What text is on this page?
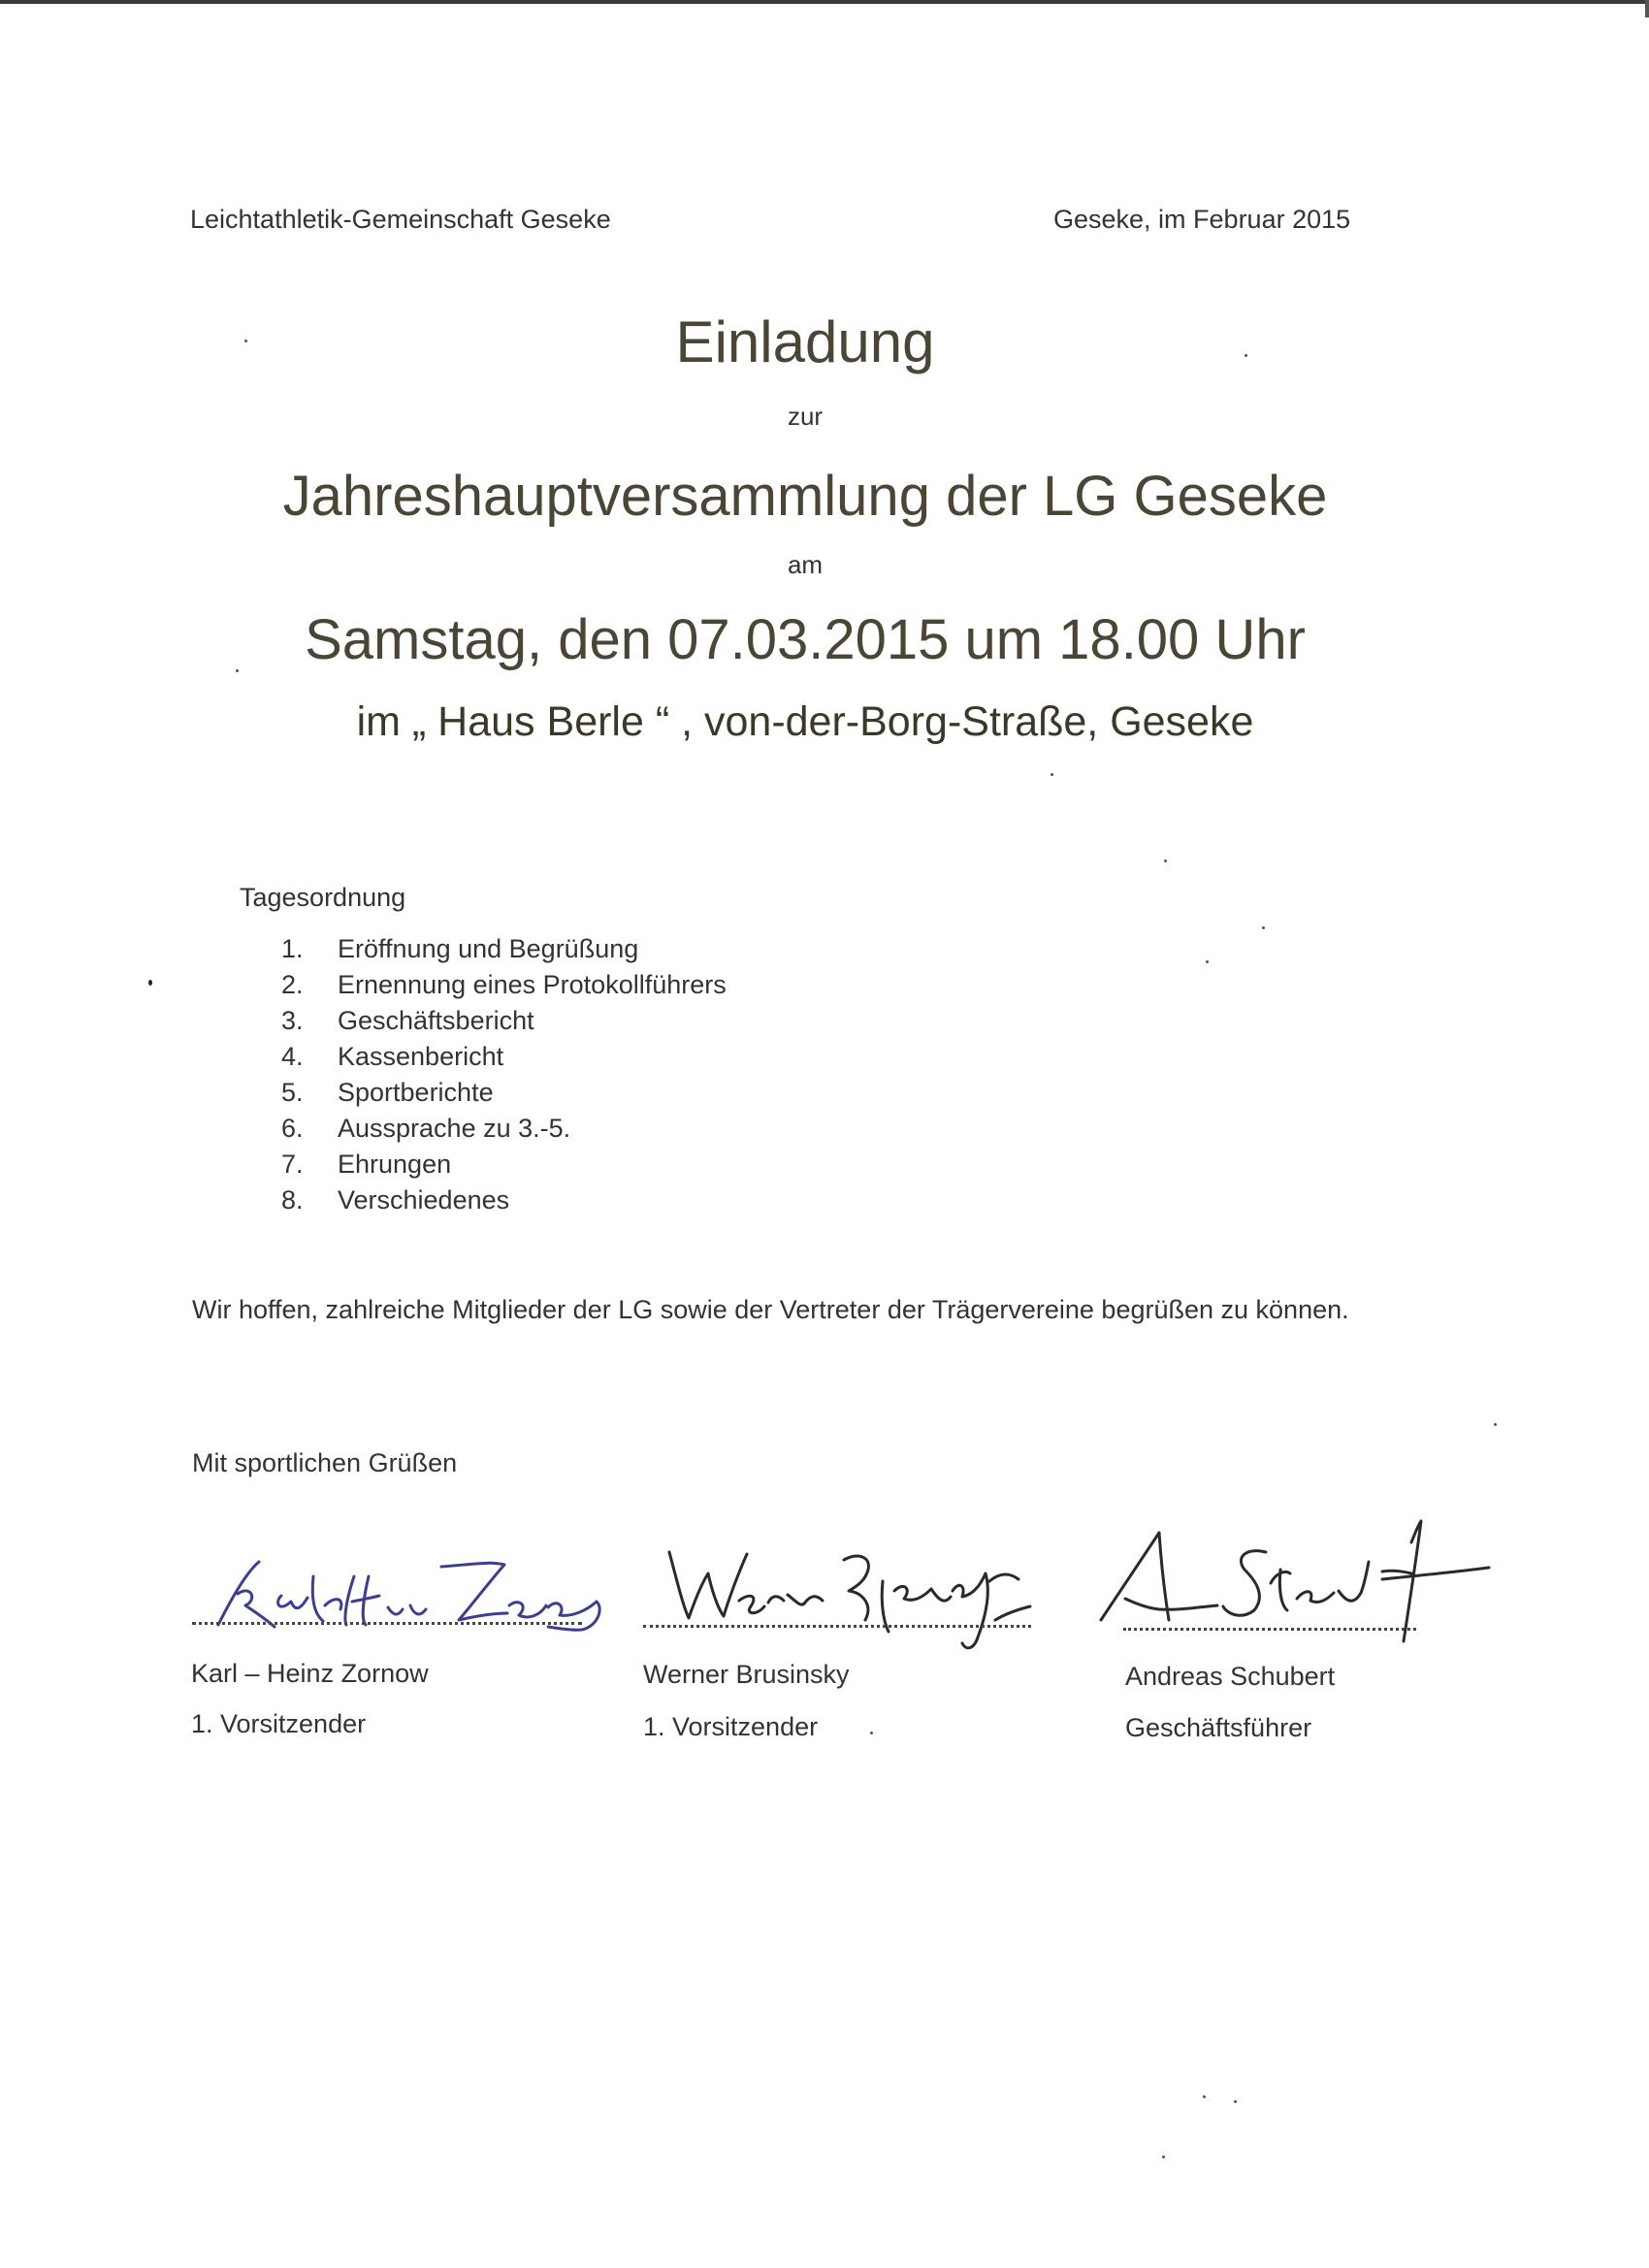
Leichtathletik-Gemeinschaft Geseke	Geseke, im Februar 2015
Einladung
zur
Jahreshauptversammlung der LG Geseke
am
Samstag, den 07.03.2015 um 18.00 Uhr
im „ Haus Berle “ , von-der-Borg-Straße, Geseke
Tagesordnung
1.	Eröffnung und Begrüßung
2.	Ernennung eines Protokollführers
3.	Geschäftsbericht
4.	Kassenbericht
5.	Sportberichte
6.	Aussprache zu 3.-5.
7.	Ehrungen
8.	Verschiedenes
Wir hoffen, zahlreiche Mitglieder der LG sowie der Vertreter der Trägervereine begrüßen zu können.
Mit sportlichen Grüßen
Karl – Heinz Zornow
1. Vorsitzender
Werner Brusinsky
1. Vorsitzender
Andreas Schubert
Geschäftsführer
